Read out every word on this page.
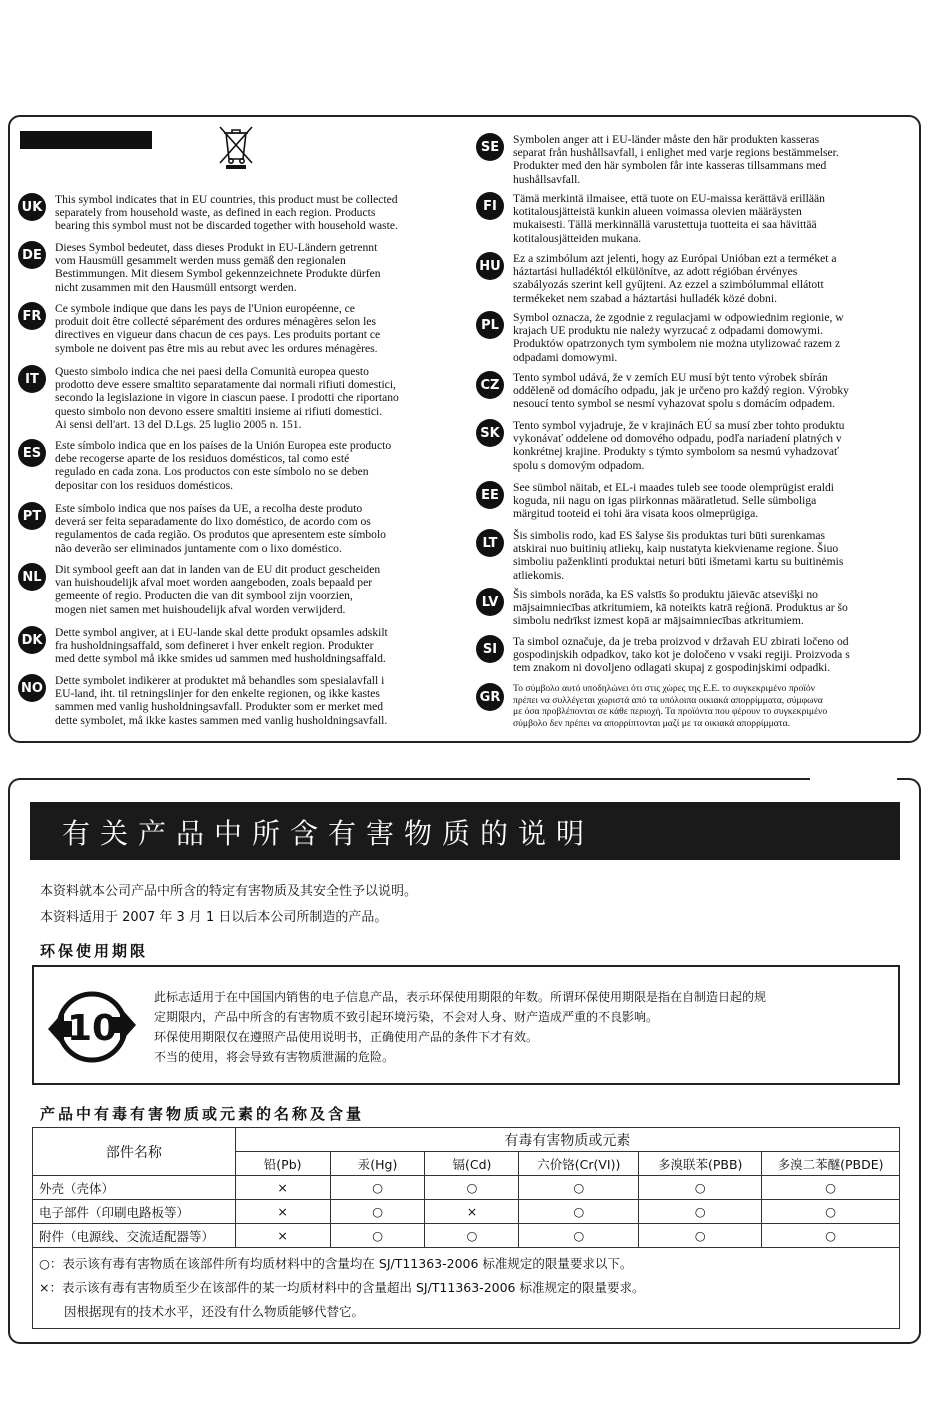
UK	This symbol indicates that in EU countries, this product must be collected
separately from household waste, as defined in each region. Products
bearing this symbol must not be discarded together with household waste.
DE	Dieses Symbol bedeutet, dass dieses Produkt in EU-Ländern getrennt
vom Hausmüll gesammelt werden muss gemäß den regionalen
Bestimmungen. Mit diesem Symbol gekennzeichnete Produkte dürfen
nicht zusammen mit den Hausmüll entsorgt werden.
FR	Ce symbole indique que dans les pays de l'Union européenne, ce
produit doit être collecté séparément des ordures ménagères selon les
directives en vigueur dans chacun de ces pays. Les produits portant ce
symbole ne doivent pas être mis au rebut avec les ordures ménagères.
IT	Questo simbolo indica che nei paesi della Comunità europea questo
prodotto deve essere smaltito separatamente dai normali rifiuti domestici,
secondo la legislazione in vigore in ciascun paese. I prodotti che riportano
questo simbolo non devono essere smaltiti insieme ai rifiuti domestici.
Ai sensi dell'art. 13 del D.Lgs. 25 luglio 2005 n. 151.
ES	Este símbolo indica que en los países de la Unión Europea este producto
debe recogerse aparte de los residuos domésticos, tal como esté
regulado en cada zona. Los productos con este símbolo no se deben
depositar con los residuos domésticos.
PT	Este símbolo indica que nos países da UE, a recolha deste produto
deverá ser feita separadamente do lixo doméstico, de acordo com os
regulamentos de cada região. Os produtos que apresentem este símbolo
não deverão ser eliminados juntamente com o lixo doméstico.
NL	Dit symbool geeft aan dat in landen van de EU dit product gescheiden
van huishoudelijk afval moet worden aangeboden, zoals bepaald per
gemeente of regio. Producten die van dit symbool zijn voorzien,
mogen niet samen met huishoudelijk afval worden verwijderd.
DK	Dette symbol angiver, at i EU-lande skal dette produkt opsamles adskilt
fra husholdningsaffald, som defineret i hver enkelt region. Produkter
med dette symbol må ikke smides ud sammen med husholdningsaffald.
NO Dette symbolet indikerer at produktet må behandles som spesialavfall i
EU-land, iht. til retningslinjer for den enkelte regionen, og ikke kastes
sammen med vanlig husholdningsavfall. Produkter som er merket med
dette symbolet, må ikke kastes sammen med vanlig husholdningsavfall.
SE	Symbolen anger att i EU-länder måste den här produkten kasseras
separat från hushållsavfall, i enlighet med varje regions bestämmelser.
Produkter med den här symbolen får inte kasseras tillsammans med
hushållsavfall.
FI	Tämä merkintä ilmaisee, että tuote on EU-maissa kerättävä erillään
kotitalousjätteistä kunkin alueen voimassa olevien määräysten
mukaisesti. Tällä merkinnällä varustettuja tuotteita ei saa hävittää
kotitalousjätteiden mukana.
HU Ez a szimbólum azt jelenti, hogy az Európai Unióban ezt a terméket a
háztartási hulladéktól elkülönítve, az adott régióban érvényes
szabályozás szerint kell gyűjteni. Az ezzel a szimbólummal ellátott
termékeket nem szabad a háztartási hulladék közé dobni.
PL	Symbol oznacza, że zgodnie z regulacjami w odpowiednim regionie, w
krajach UE produktu nie należy wyrzucać z odpadami domowymi.
Produktów opatrzonych tym symbolem nie można utylizować razem z
odpadami domowymi.
CZ	Tento symbol udává, že v zemích EU musí být tento výrobek sbírán
odděleně od domácího odpadu, jak je určeno pro každý region. Výrobky
nesoucí tento symbol se nesmí vyhazovat spolu s domácím odpadem.
SK	Tento symbol vyjadruje, že v krajinách EÚ sa musí zber tohto produktu
vykonávať oddelene od domového odpadu, podľa nariadení platných v
konkrétnej krajine. Produkty s týmto symbolom sa nesmú vyhadzovať
spolu s domovým odpadom.
EE	See sümbol näitab, et EL-i maades tuleb see toode olemprügist eraldi
koguda, nii nagu on igas piirkonnas määratletud. Selle sümboliga
märgitud tooteid ei tohi ära visata koos olmeprügiga.
LT	Šis simbolis rodo, kad ES šalyse šis produktas turi būti surenkamas
atskirai nuo buitinių atliekų, kaip nustatyta kiekviename regione. Šiuo
simboliu paženklinti produktai neturi būti išmetami kartu su buitinėmis
atliekomis.
LV	Šis simbols norāda, ka ES valstīs šo produktu jāievāc atsevišķi no
mājsaimniecības atkritumiem, kā noteikts katrā reģionā. Produktus ar šo
simbolu nedrīkst izmest kopā ar mājsaimniecības atkritumiem.
SI	Ta simbol označuje, da je treba proizvod v državah EU zbirati ločeno od
gospodinjskih odpadkov, tako kot je določeno v vsaki regiji. Proizvoda s
tem znakom ni dovoljeno odlagati skupaj z gospodinjskimi odpadki.
GR
Το σύμβολο αυτό υποδηλώνει ότι στις χώρες της Ε.Ε. το συγκεκριμένο προϊόν
πρέπει να συλλέγεται χωριστά από τα υπόλοιπα οικιακά απορρίμματα, σύμφωνα
με όσα προβλέπονται σε κάθε περιοχή. Τα προϊόντα που φέρουν το συγκεκριμένο
σύμβολο δεν πρέπει να απορρίπτονται μαζί με τα οικιακά απορρίμματα.
有关产品中所含有害物质的说明
本资料就本公司产品中所含的特定有害物质及其安全性予以说明。
本资料适用于 2007 年 3 月 1 日以后本公司所制造的产品。
环保使用期限
10
此标志适用于在中国国内销售的电子信息产品，表示环保使用期限的年数。所谓环保使用期限是指在自制造日起的规
定期限内，产品中所含的有害物质不致引起环境污染，不会对人身、财产造成严重的不良影响。
环保使用期限仅在遵照产品使用说明书，正确使用产品的条件下才有效。
不当的使用，将会导致有害物质泄漏的危险。
产品中有毒有害物质或元素的名称及含量
部件名称	有毒有害物质或元素					
	铅(Pb)	汞(Hg)	镉(Cd)	六价铬(Cr(VI))	多溴联苯(PBB)	多溴二苯醚(PBDE)
外壳（壳体）	×	○	○	○	○	○
电子部件（印刷电路板等）	×	○	×	○	○	○
附件（电源线、交流适配器等）	×	○	○	○	○	○

○：表示该有毒有害物质在该部件所有均质材料中的含量均在 SJ/T11363-2006 标准规定的限量要求以下。
×：表示该有毒有害物质至少在该部件的某一均质材料中的含量超出 SJ/T11363-2006 标准规定的限量要求。
　　因根据现有的技术水平，还没有什么物质能够代替它。						
